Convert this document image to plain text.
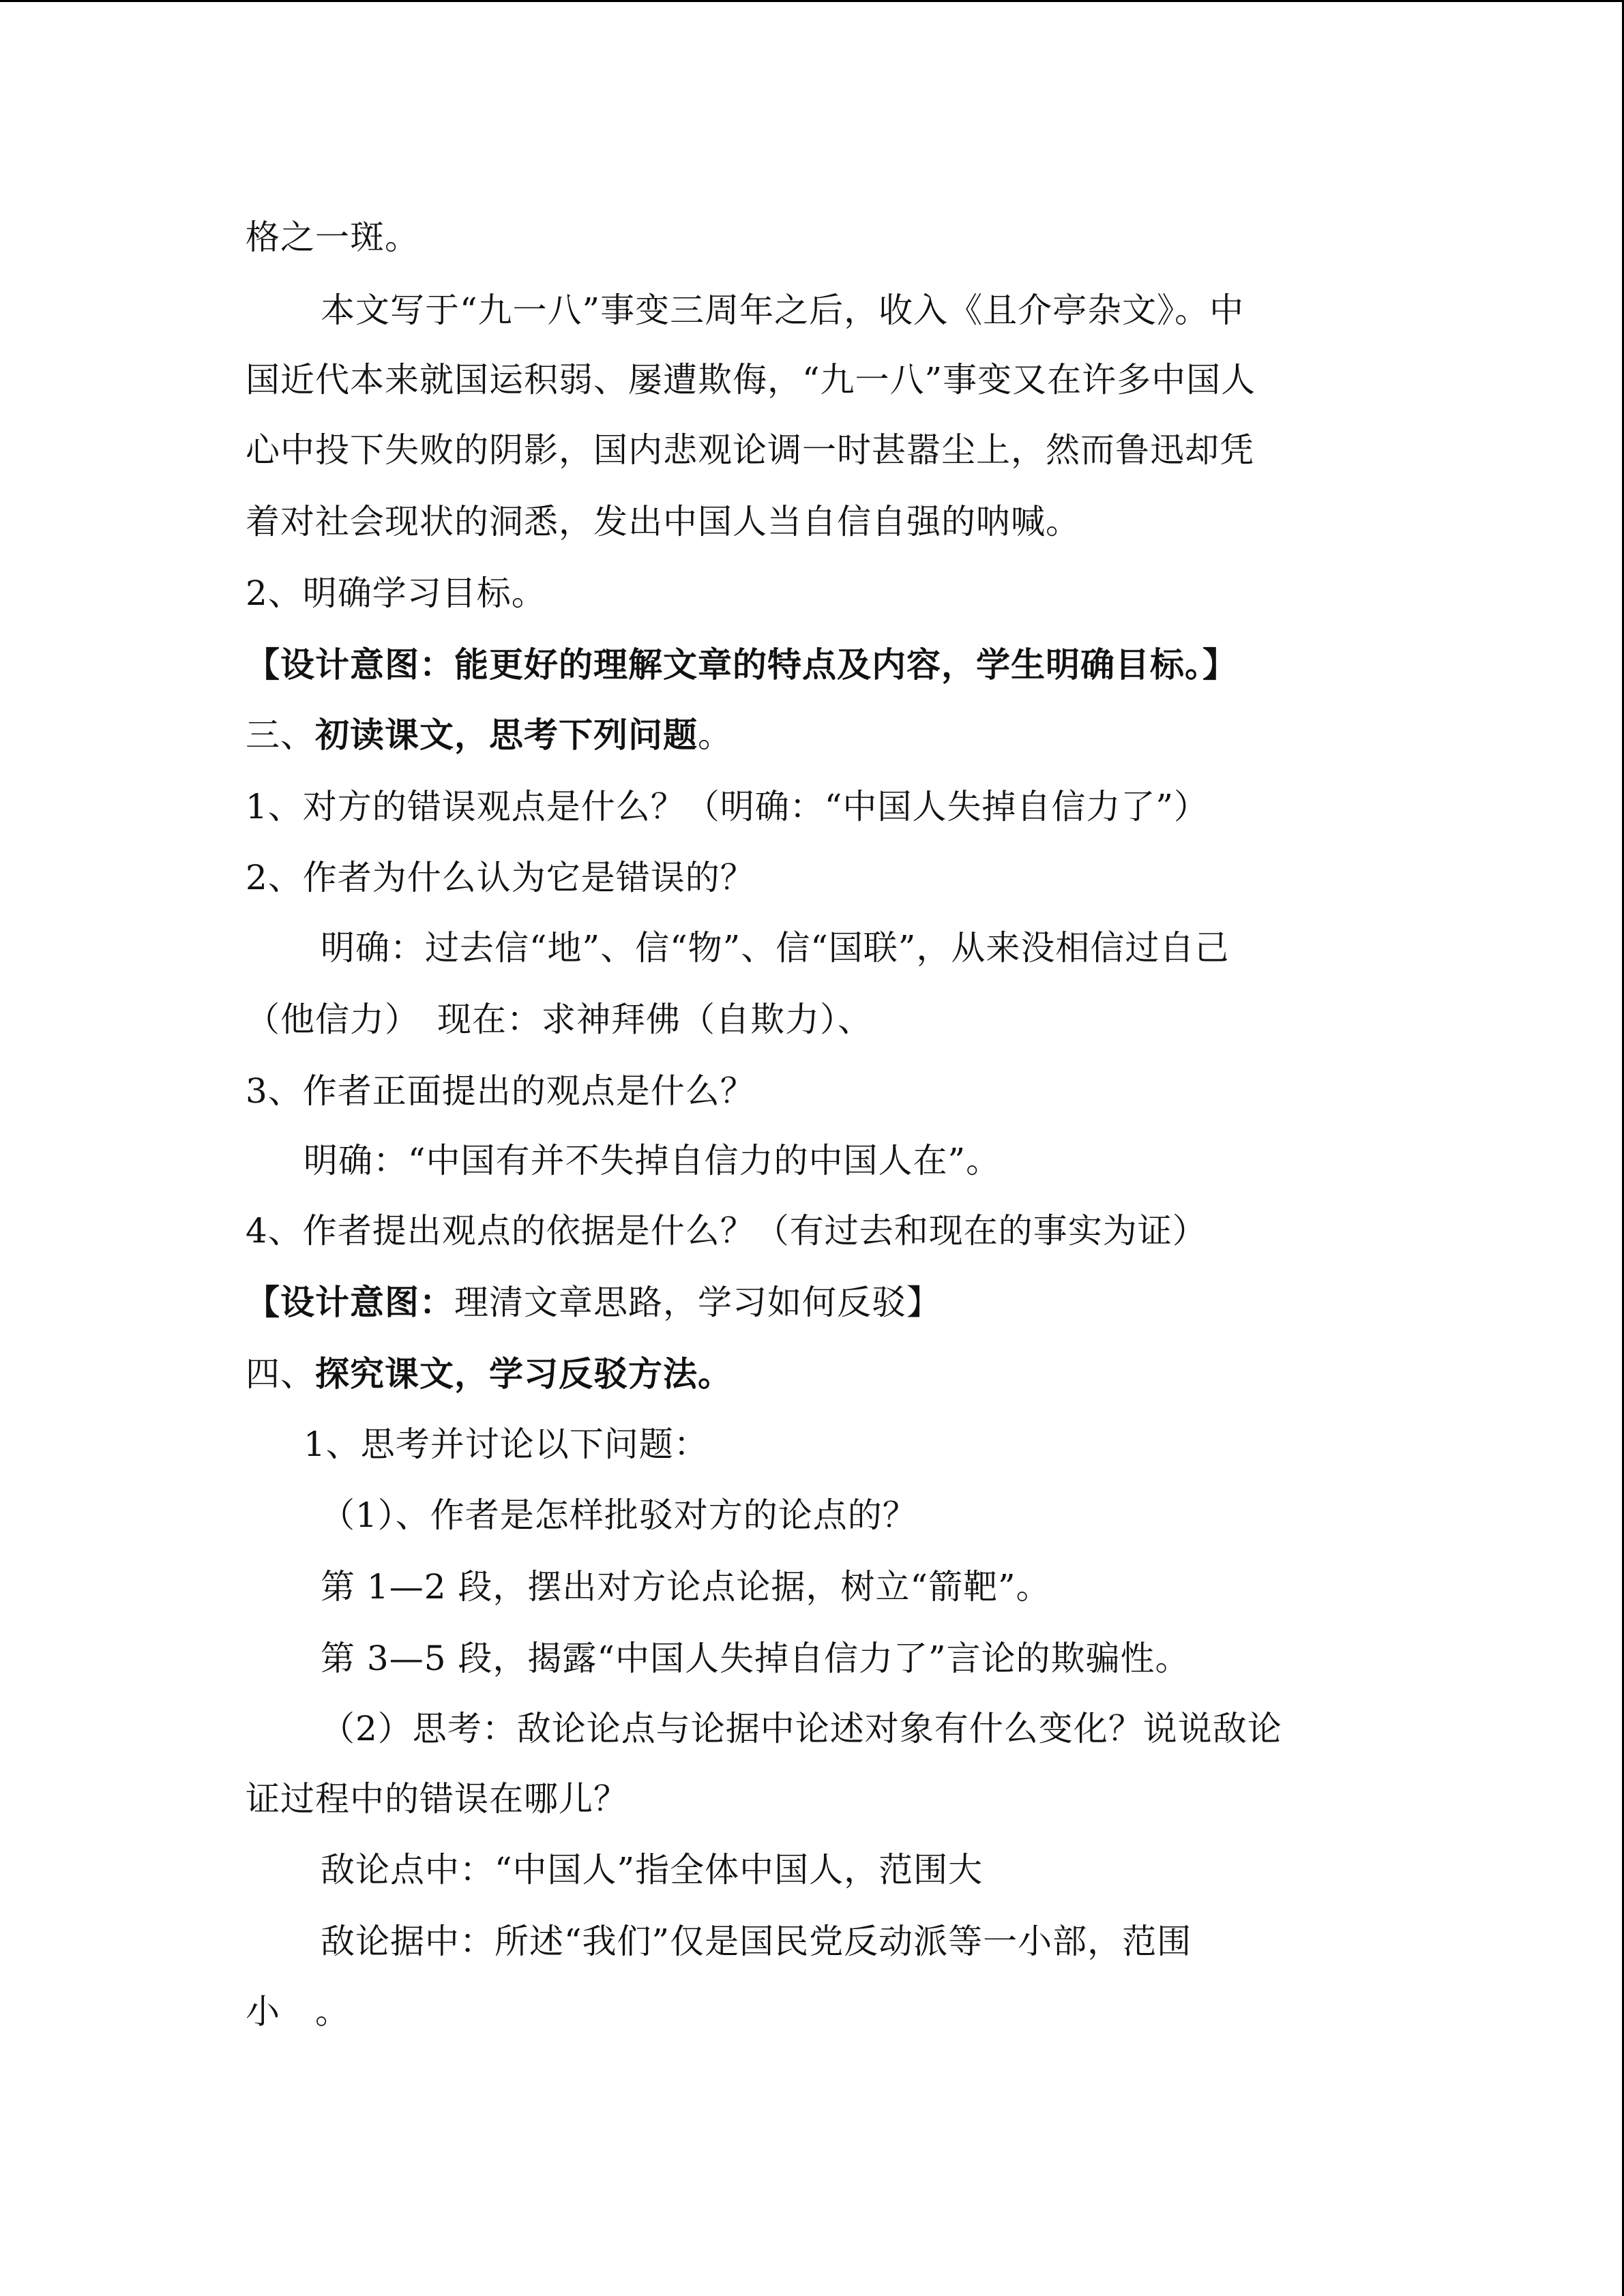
格之一斑。
本文写于“九一八”事变三周年之后，收入《且介亭杂文》。中
国近代本来就国运积弱、屡遭欺侮，“九一八”事变又在许多中国人
心中投下失败的阴影，国内悲观论调一时甚嚣尘上，然而鲁迅却凭
着对社会现状的洞悉，发出中国人当自信自强的呐喊。
2、明确学习目标。
【设计意图：能更好的理解文章的特点及内容，学生明确目标。】
三、初读课文，思考下列问题。
1、对方的错误观点是什么？（明确：“中国人失掉自信力了”）
2、作者为什么认为它是错误的？
明确：过去信“地”、信“物”、信“国联”，从来没相信过自己
（他信力）　现在：求神拜佛（自欺力）、
3、作者正面提出的观点是什么？
明确：“中国有并不失掉自信力的中国人在”。
4、作者提出观点的依据是什么？（有过去和现在的事实为证）
【设计意图：理清文章思路，学习如何反驳】
四、探究课文，学习反驳方法。
1、思考并讨论以下问题：
（1）、作者是怎样批驳对方的论点的？
第 1—2 段，摆出对方论点论据，树立“箭靶”。
第 3—5 段，揭露“中国人失掉自信力了”言论的欺骗性。
（2）思考：敌论论点与论据中论述对象有什么变化？说说敌论
证过程中的错误在哪儿？
敌论点中：“中国人”指全体中国人，范围大
敌论据中：所述“我们”仅是国民党反动派等一小部，范围
小　。
